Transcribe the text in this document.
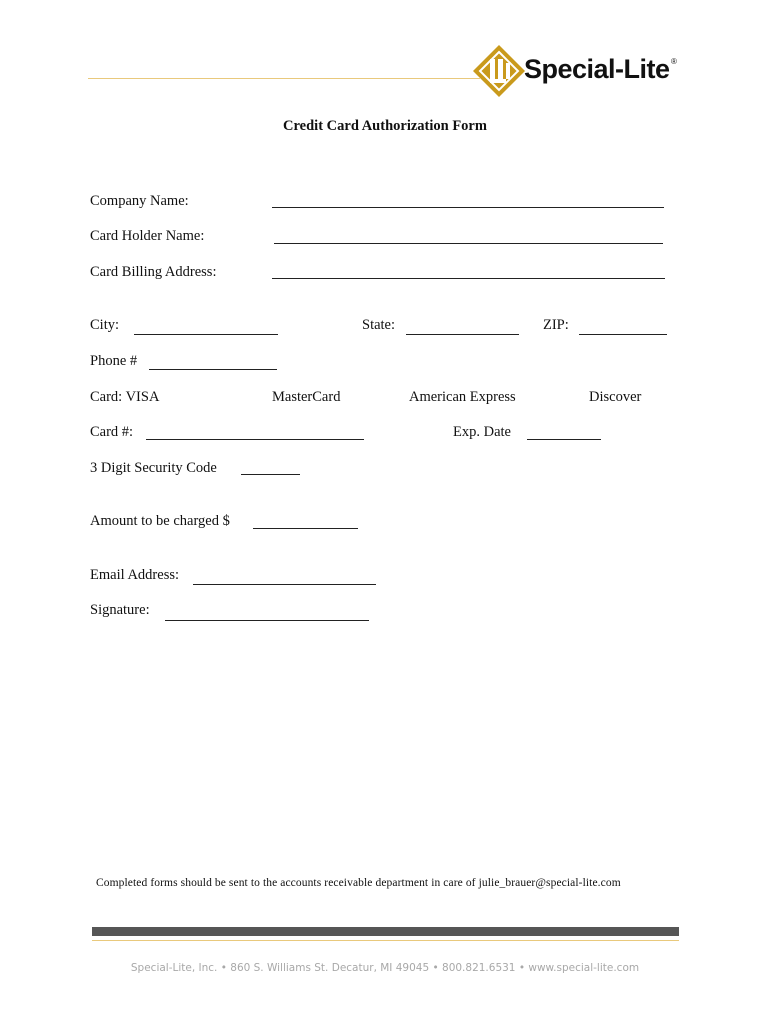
Special-Lite ®
Credit Card Authorization Form
Company Name:
Card Holder Name:
Card Billing Address:
City:	State:	ZIP:
Phone #
Card: VISA	MasterCard	American Express	Discover
Card #:	Exp. Date
3 Digit Security Code
Amount to be charged $
Email Address:
Signature:
Completed forms should be sent to the accounts receivable department in care of julie_brauer@special-lite.com
Special-Lite, Inc. • 860 S. Williams St. Decatur, MI 49045 • 800.821.6531 • www.special-lite.com
